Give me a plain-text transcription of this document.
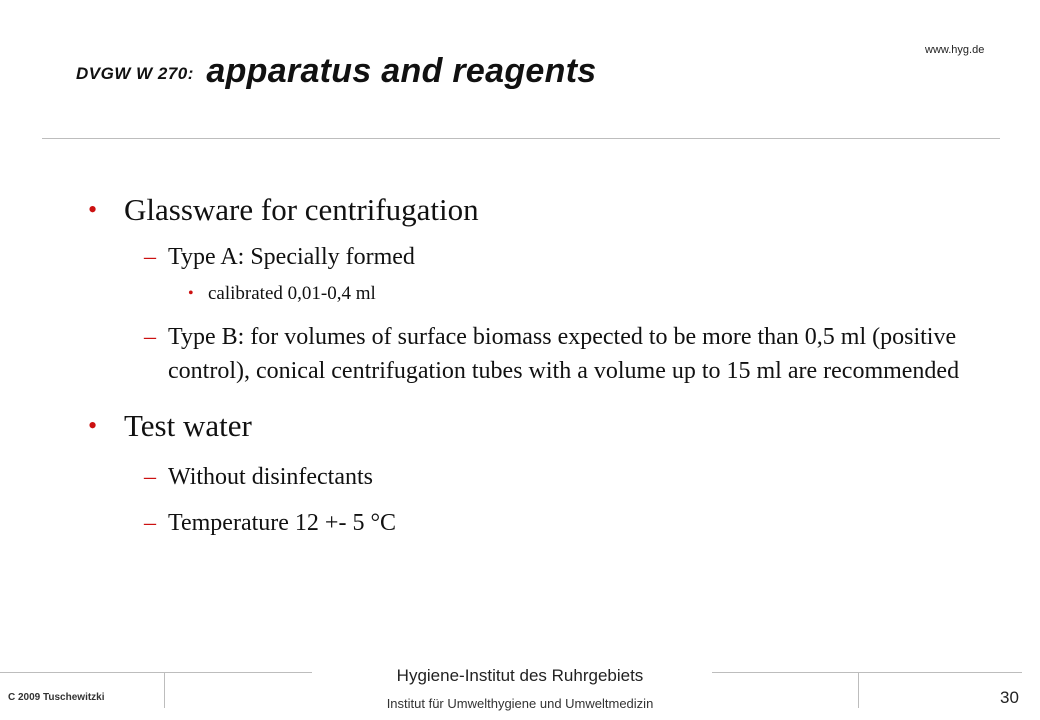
www.hyg.de
DVGW W 270: apparatus and reagents
• Glassware for centrifugation
– Type A: Specially formed
• calibrated 0,01-0,4 ml
– Type B: for volumes of surface biomass expected to be more than 0,5 ml (positive control), conical centrifugation tubes with a volume up to 15 ml are recommended
• Test water
– Without disinfectants
– Temperature 12 +- 5 °C
C 2009 Tuschewitzki
Hygiene-Institut des Ruhrgebiets
Institut für Umwelthygiene und Umweltmedizin	30
